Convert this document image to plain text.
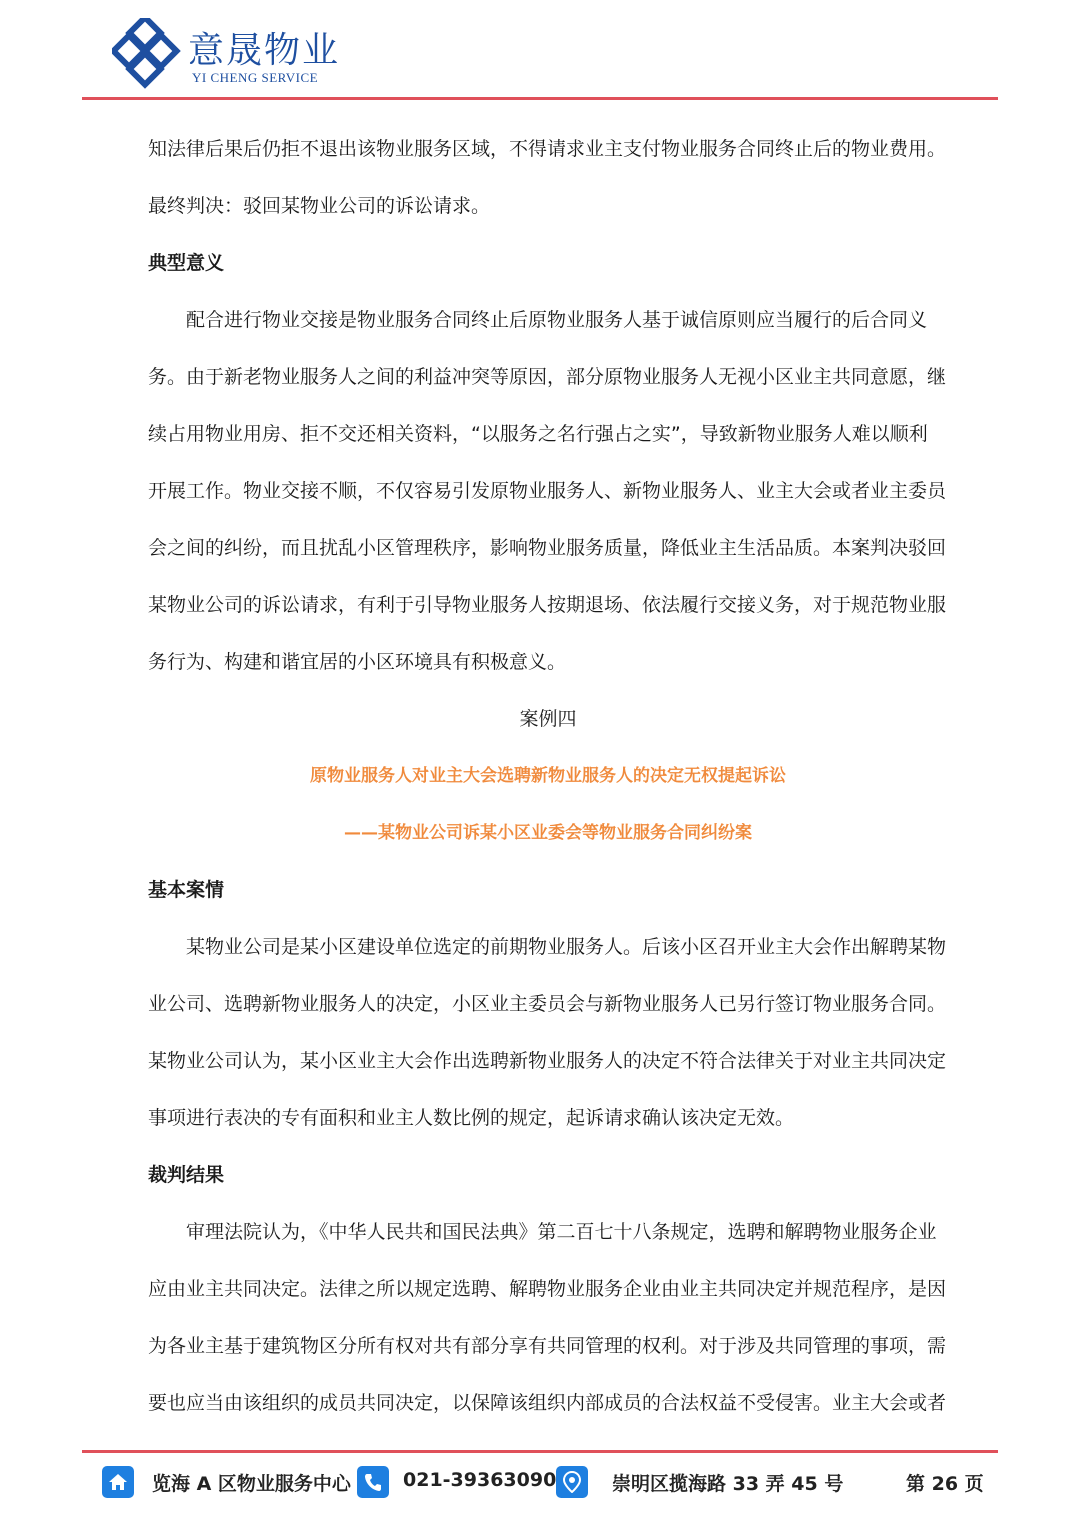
意晟物业
YI CHENG SERVICE
知法律后果后仍拒不退出该物业服务区域，不得请求业主支付物业服务合同终止后的物业费用。
最终判决：驳回某物业公司的诉讼请求。
典型意义
配合进行物业交接是物业服务合同终止后原物业服务人基于诚信原则应当履行的后合同义
务。由于新老物业服务人之间的利益冲突等原因，部分原物业服务人无视小区业主共同意愿，继
续占用物业用房、拒不交还相关资料，“以服务之名行强占之实”，导致新物业服务人难以顺利
开展工作。物业交接不顺，不仅容易引发原物业服务人、新物业服务人、业主大会或者业主委员
会之间的纠纷，而且扰乱小区管理秩序，影响物业服务质量，降低业主生活品质。本案判决驳回
某物业公司的诉讼请求，有利于引导物业服务人按期退场、依法履行交接义务，对于规范物业服
务行为、构建和谐宜居的小区环境具有积极意义。
案例四
原物业服务人对业主大会选聘新物业服务人的决定无权提起诉讼
——某物业公司诉某小区业委会等物业服务合同纠纷案
基本案情
某物业公司是某小区建设单位选定的前期物业服务人。后该小区召开业主大会作出解聘某物
业公司、选聘新物业服务人的决定，小区业主委员会与新物业服务人已另行签订物业服务合同。
某物业公司认为，某小区业主大会作出选聘新物业服务人的决定不符合法律关于对业主共同决定
事项进行表决的专有面积和业主人数比例的规定，起诉请求确认该决定无效。
裁判结果
审理法院认为，《中华人民共和国民法典》第二百七十八条规定，选聘和解聘物业服务企业
应由业主共同决定。法律之所以规定选聘、解聘物业服务企业由业主共同决定并规范程序，是因
为各业主基于建筑物区分所有权对共有部分享有共同管理的权利。对于涉及共同管理的事项，需
要也应当由该组织的成员共同决定，以保障该组织内部成员的合法权益不受侵害。业主大会或者
览海 A 区物业服务中心	021-39363090	崇明区揽海路 33 弄 45 号	第 26 页
